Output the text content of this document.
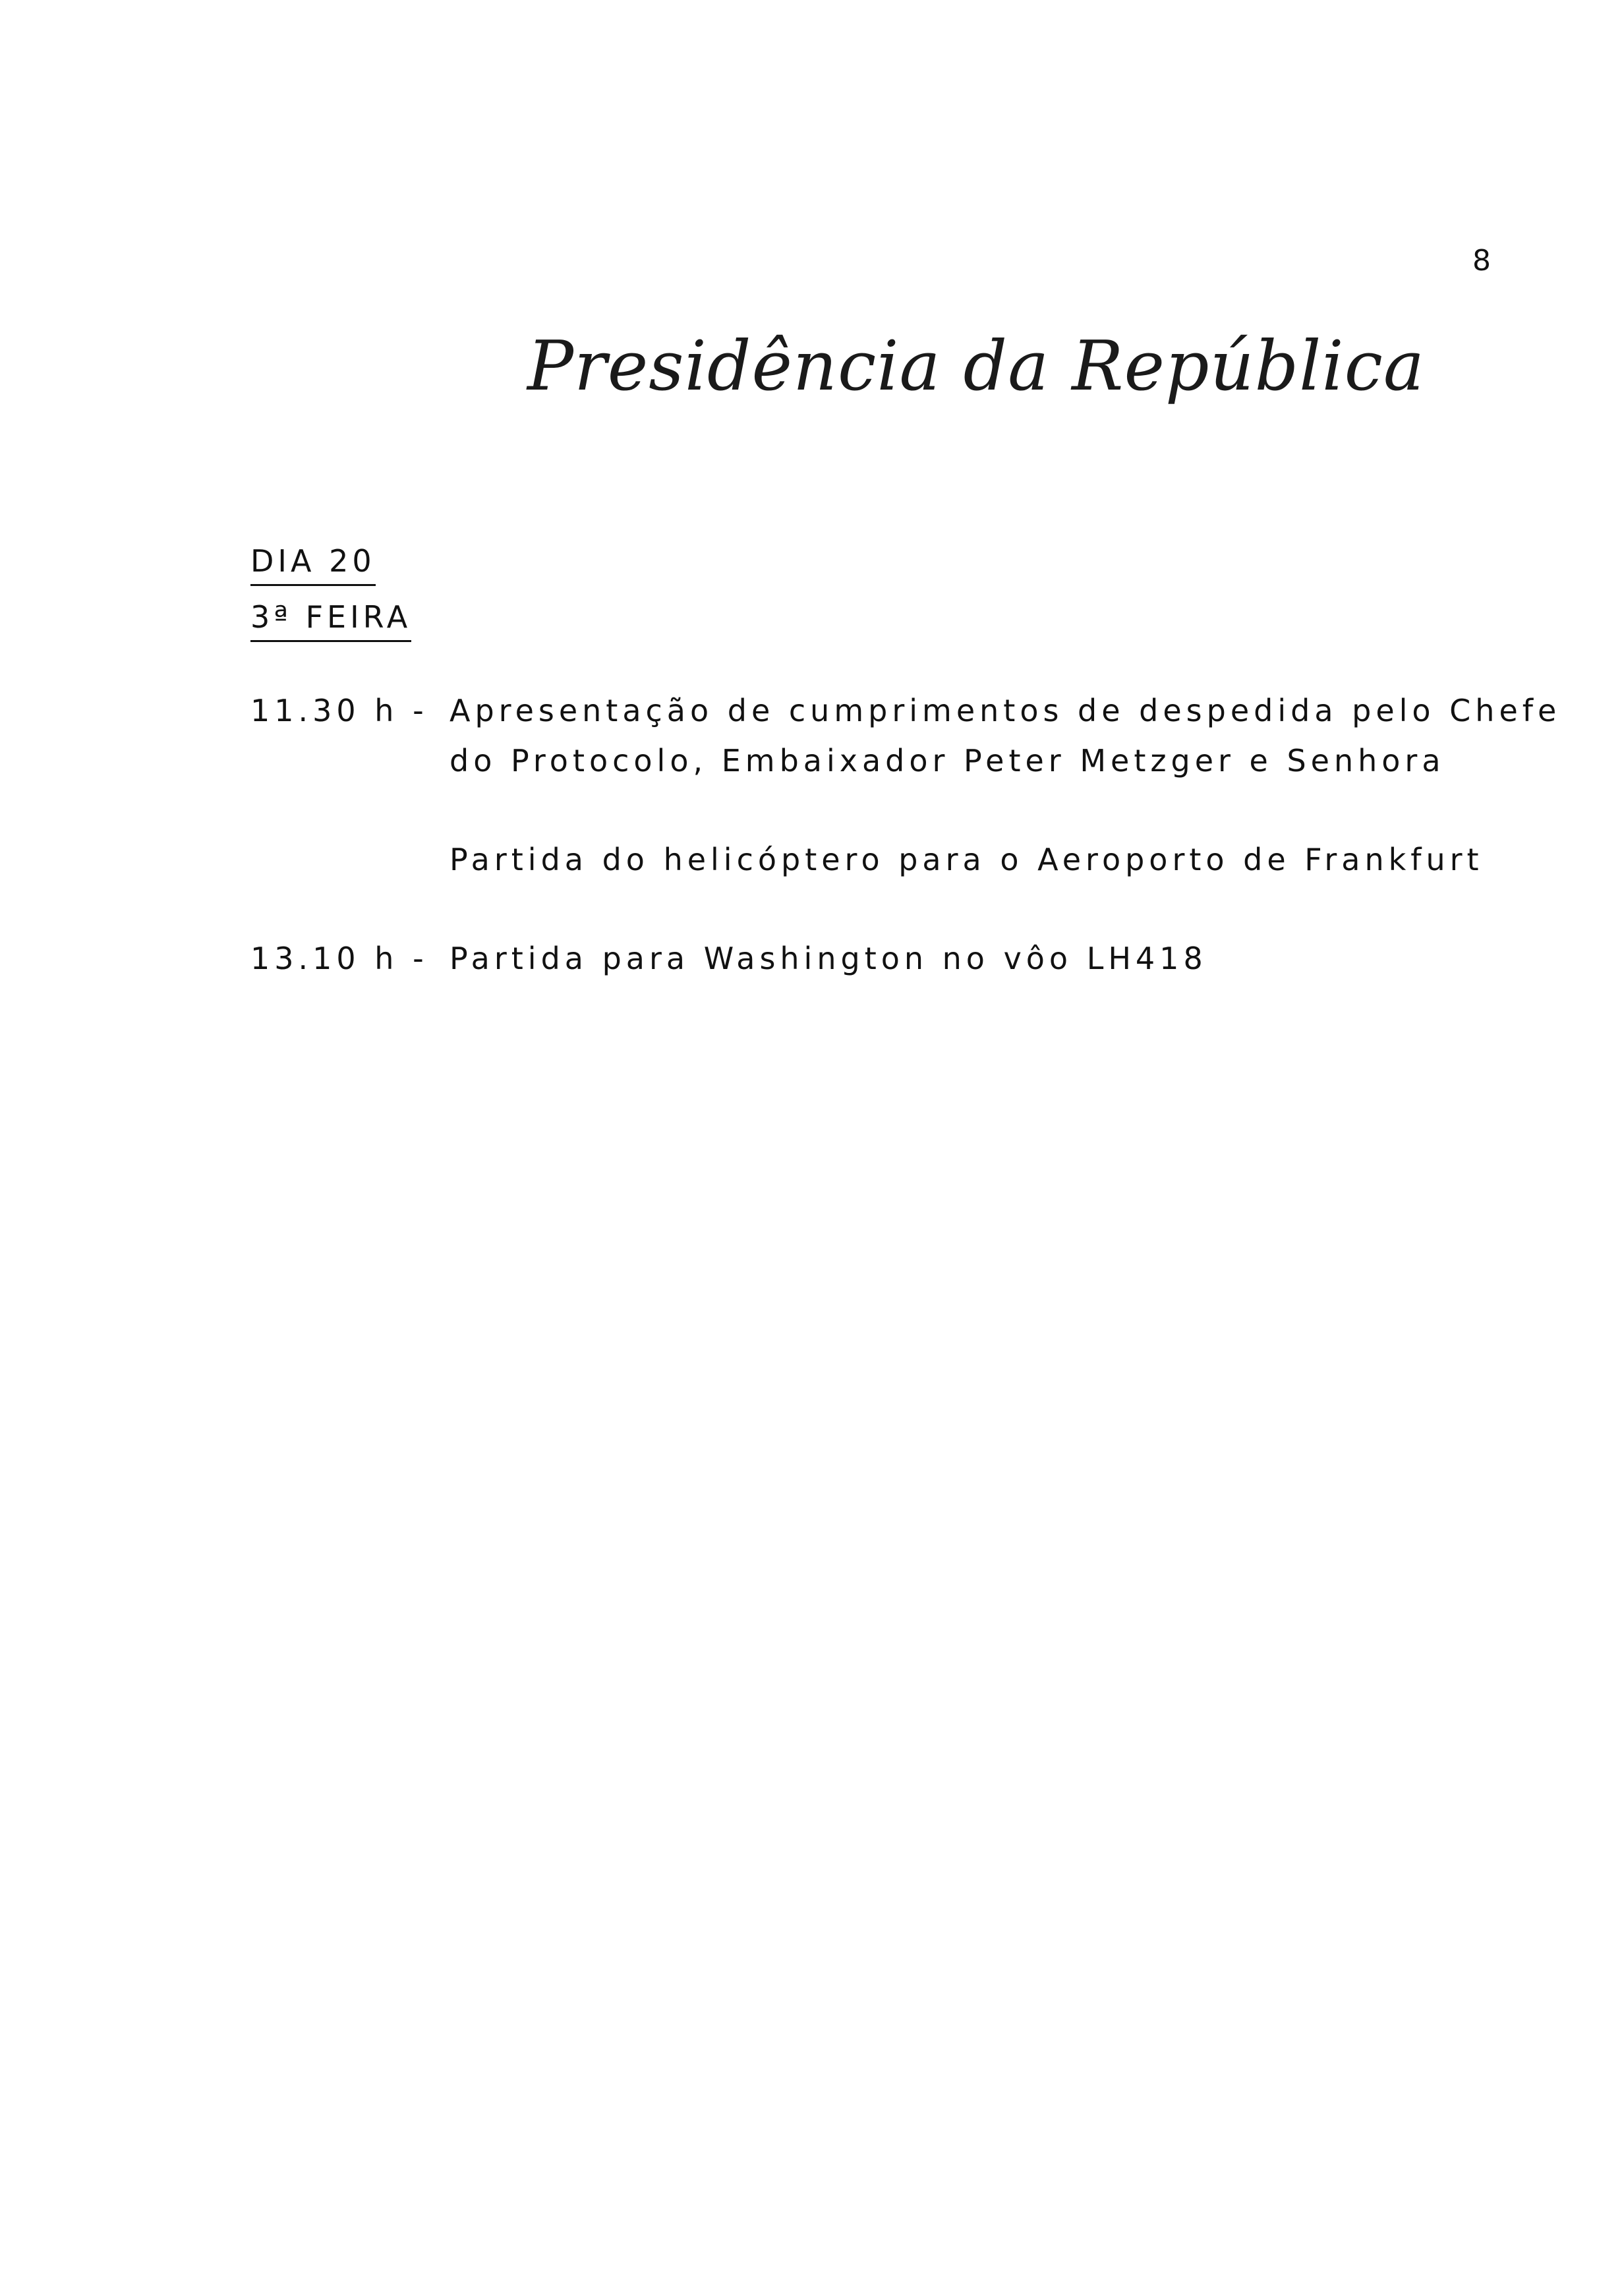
8
Presidência da República
DIA 20
3ª FEIRA
11.30 h - Apresentação de cumprimentos de despedida pelo Chefe
do Protocolo, Embaixador Peter Metzger e Senhora
Partida do helicóptero para o Aeroporto de Frankfurt
13.10 h - Partida para Washington no vôo LH418
